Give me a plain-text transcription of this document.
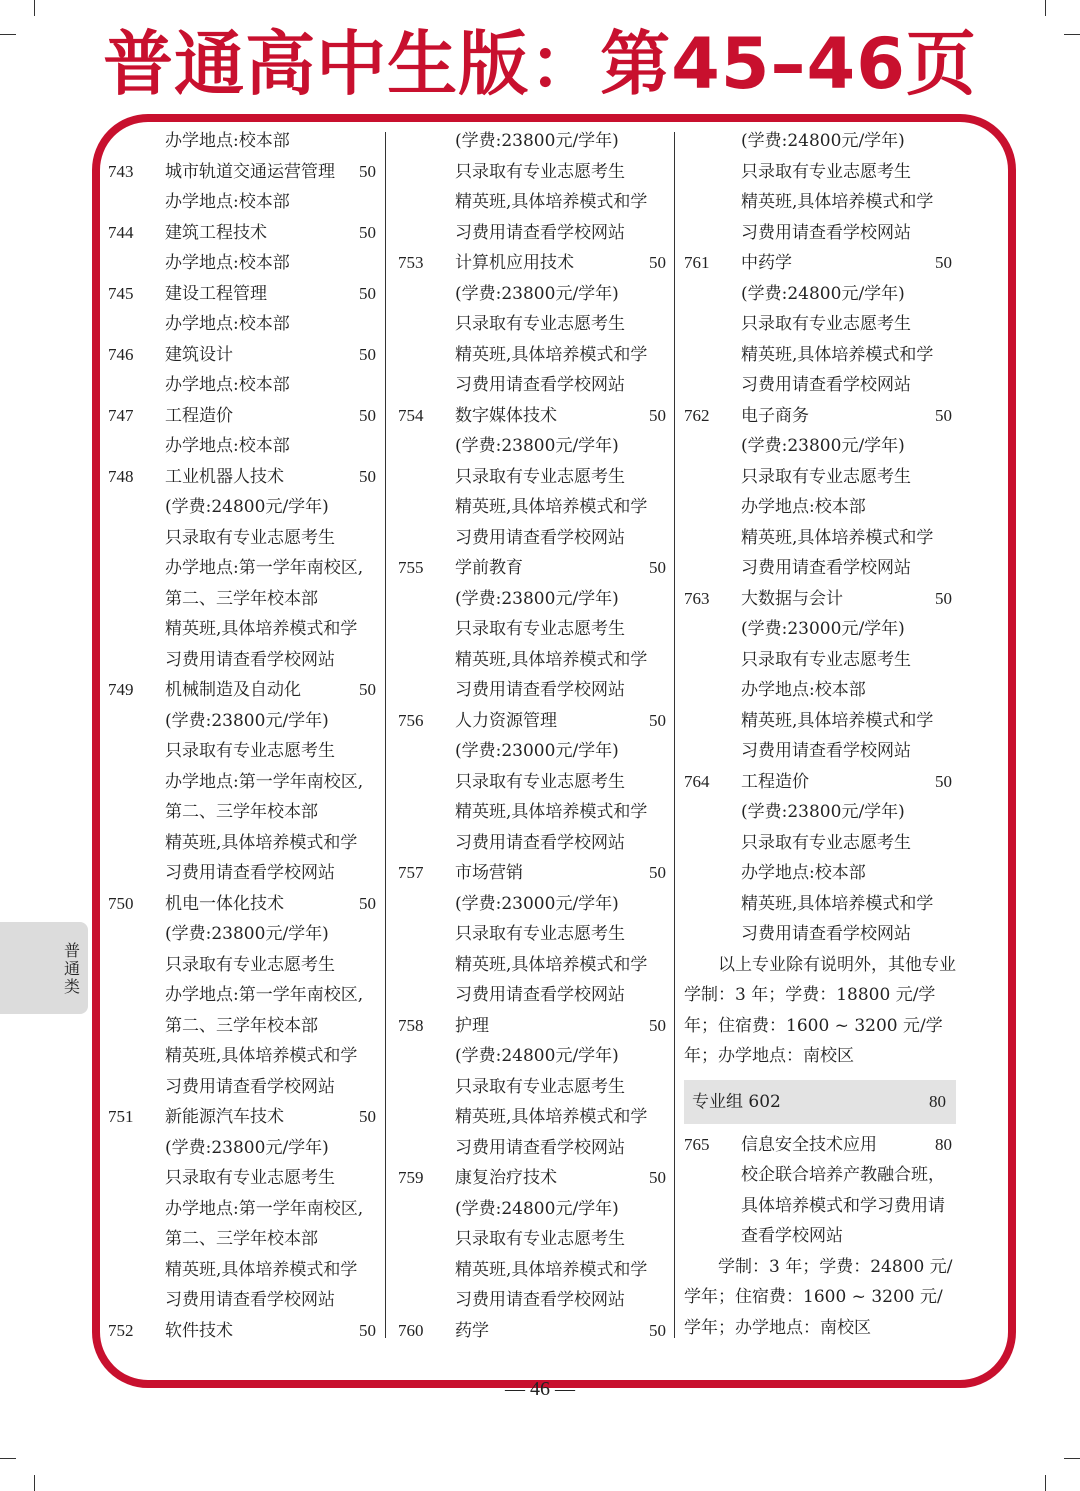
普通高中生版：第45–46页
办学地点:校本部
743	城市轨道交通运营管理 50
办学地点:校本部
744	建筑工程技术	50
办学地点:校本部
745	建设工程管理	50
办学地点:校本部
746	建筑设计	50
办学地点:校本部
747	工程造价	50
办学地点:校本部
748	工业机器人技术	50
(学费:24800元/学年)
只录取有专业志愿考生
办学地点:第一学年南校区,
第二、三学年校本部
精英班,具体培养模式和学
习费用请查看学校网站
749	机械制造及自动化	50
(学费:23800元/学年)
只录取有专业志愿考生
办学地点:第一学年南校区,
第二、三学年校本部
精英班,具体培养模式和学
习费用请查看学校网站
750	机电一体化技术	50
(学费:23800元/学年)
只录取有专业志愿考生
办学地点:第一学年南校区,
第二、三学年校本部
精英班,具体培养模式和学
习费用请查看学校网站
751	新能源汽车技术	50
(学费:23800元/学年)
只录取有专业志愿考生
办学地点:第一学年南校区,
第二、三学年校本部
精英班,具体培养模式和学
习费用请查看学校网站
752	软件技术	50
(学费:23800元/学年)
只录取有专业志愿考生
精英班,具体培养模式和学
习费用请查看学校网站
753	计算机应用技术	50
(学费:23800元/学年)
只录取有专业志愿考生
精英班,具体培养模式和学
习费用请查看学校网站
754	数字媒体技术	50
(学费:23800元/学年)
只录取有专业志愿考生
精英班,具体培养模式和学
习费用请查看学校网站
755	学前教育	50
(学费:23800元/学年)
只录取有专业志愿考生
精英班,具体培养模式和学
习费用请查看学校网站
756	人力资源管理	50
(学费:23000元/学年)
只录取有专业志愿考生
精英班,具体培养模式和学
习费用请查看学校网站
757	市场营销	50
(学费:23000元/学年)
只录取有专业志愿考生
精英班,具体培养模式和学
习费用请查看学校网站
758	护理	50
(学费:24800元/学年)
只录取有专业志愿考生
精英班,具体培养模式和学
习费用请查看学校网站
759	康复治疗技术	50
(学费:24800元/学年)
只录取有专业志愿考生
精英班,具体培养模式和学
习费用请查看学校网站
760	药学	50
(学费:24800元/学年)
只录取有专业志愿考生
精英班,具体培养模式和学
习费用请查看学校网站
761	中药学	50
(学费:24800元/学年)
只录取有专业志愿考生
精英班,具体培养模式和学
习费用请查看学校网站
762	电子商务	50
(学费:23800元/学年)
只录取有专业志愿考生
办学地点:校本部
精英班,具体培养模式和学
习费用请查看学校网站
763	大数据与会计	50
(学费:23000元/学年)
只录取有专业志愿考生
办学地点:校本部
精英班,具体培养模式和学
习费用请查看学校网站
764	工程造价	50
(学费:23800元/学年)
只录取有专业志愿考生
办学地点:校本部
精英班,具体培养模式和学
习费用请查看学校网站
以上专业除有说明外，其他专业学制：3 年；学费：18800 元/学年；住宿费：1600 ~ 3200 元/学年；办学地点：南校区
专业组 602	80
765	信息安全技术应用	80
校企联合培养产教融合班，具体培养模式和学习费用请查看学校网站
学制：3 年；学费：24800 元/学年；住宿费：1600 ~ 3200 元/学年；办学地点：南校区
普通类
— 46 —
